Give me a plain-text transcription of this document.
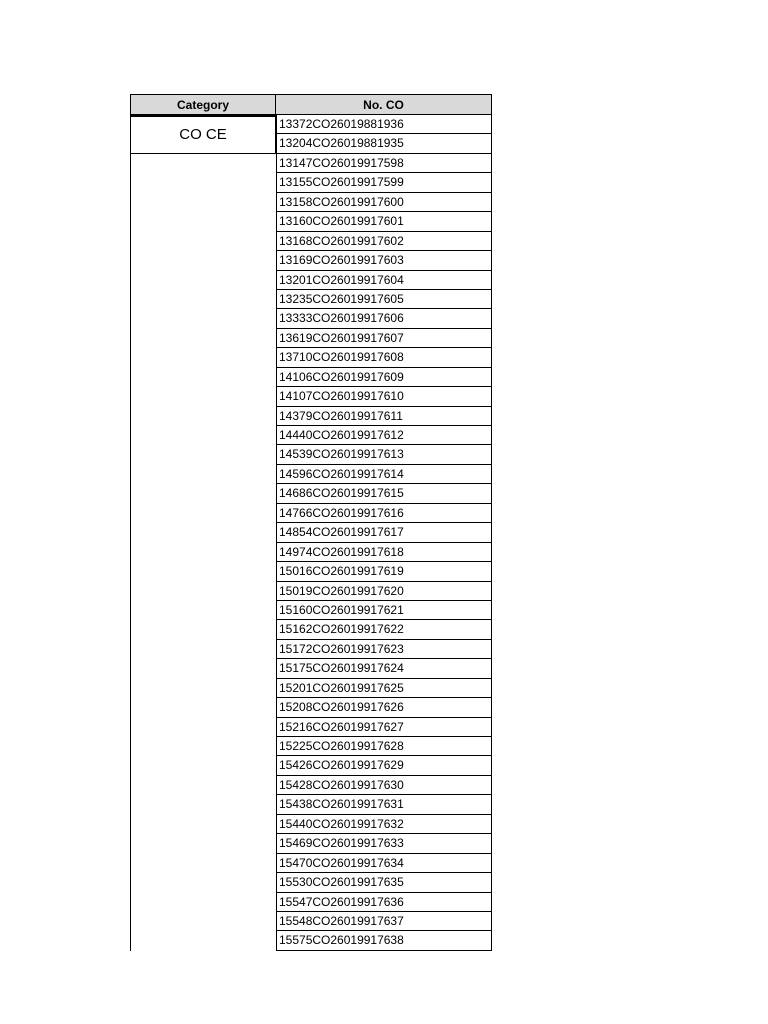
Category	No. CO
CO CE
13372CO26019881936
13204CO26019881935
13147CO26019917598
13155CO26019917599
13158CO26019917600
13160CO26019917601
13168CO26019917602
13169CO26019917603
13201CO26019917604
13235CO26019917605
13333CO26019917606
13619CO26019917607
13710CO26019917608
14106CO26019917609
14107CO26019917610
14379CO26019917611
14440CO26019917612
14539CO26019917613
14596CO26019917614
14686CO26019917615
14766CO26019917616
14854CO26019917617
14974CO26019917618
15016CO26019917619
15019CO26019917620
15160CO26019917621
15162CO26019917622
15172CO26019917623
15175CO26019917624
15201CO26019917625
15208CO26019917626
15216CO26019917627
15225CO26019917628
15426CO26019917629
15428CO26019917630
15438CO26019917631
15440CO26019917632
15469CO26019917633
15470CO26019917634
15530CO26019917635
15547CO26019917636
15548CO26019917637
15575CO26019917638
